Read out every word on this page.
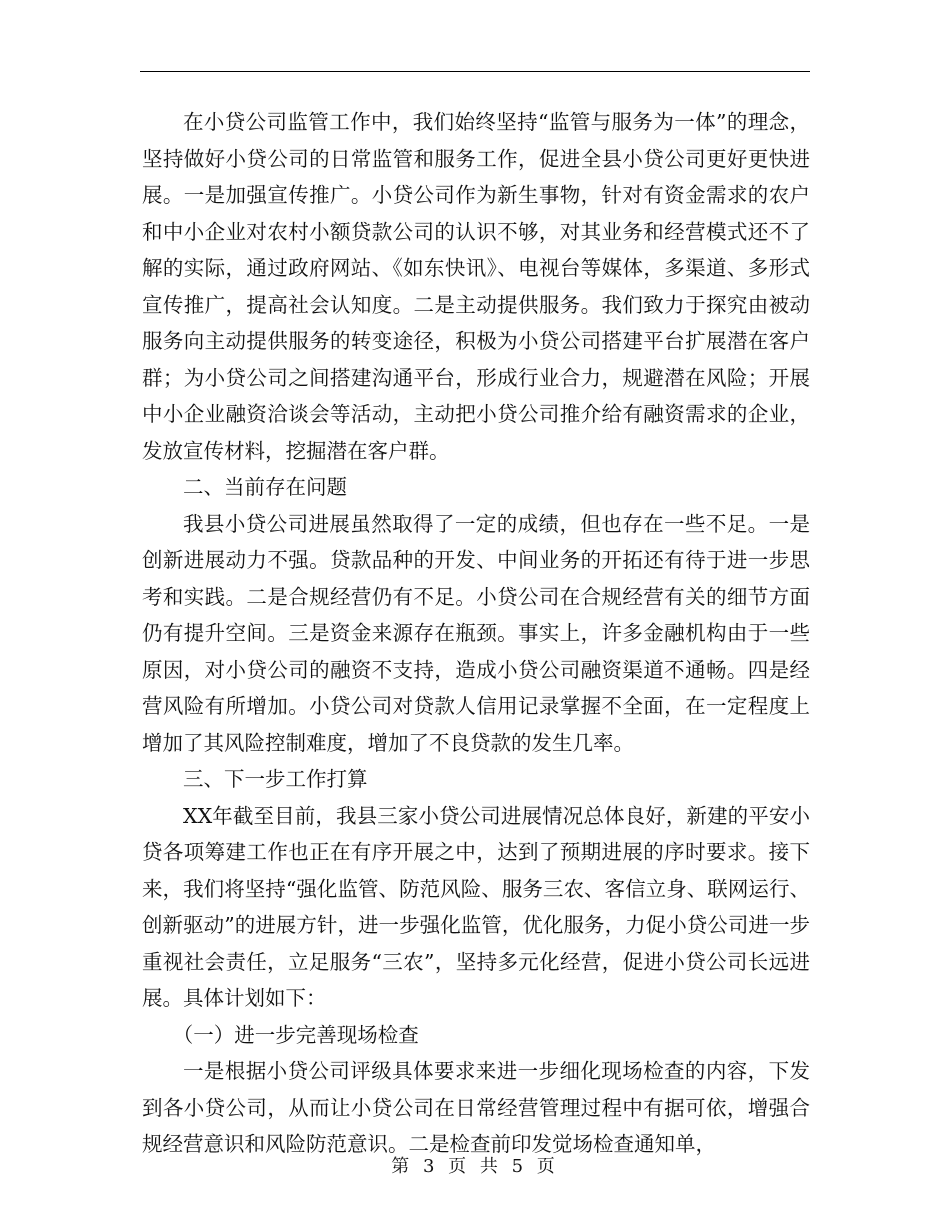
在小贷公司监管工作中，我们始终坚持“监管与服务为一体”的理念，坚持做好小贷公司的日常监管和服务工作，促进全县小贷公司更好更快进展。一是加强宣传推广。小贷公司作为新生事物，针对有资金需求的农户和中小企业对农村小额贷款公司的认识不够，对其业务和经营模式还不了解的实际，通过政府网站、《如东快讯》、电视台等媒体，多渠道、多形式宣传推广，提高社会认知度。二是主动提供服务。我们致力于探究由被动服务向主动提供服务的转变途径，积极为小贷公司搭建平台扩展潜在客户群；为小贷公司之间搭建沟通平台，形成行业合力，规避潜在风险；开展中小企业融资洽谈会等活动，主动把小贷公司推介给有融资需求的企业，发放宣传材料，挖掘潜在客户群。

二、当前存在问题

我县小贷公司进展虽然取得了一定的成绩，但也存在一些不足。一是创新进展动力不强。贷款品种的开发、中间业务的开拓还有待于进一步思考和实践。二是合规经营仍有不足。小贷公司在合规经营有关的细节方面仍有提升空间。三是资金来源存在瓶颈。事实上，许多金融机构由于一些原因，对小贷公司的融资不支持，造成小贷公司融资渠道不通畅。四是经营风险有所增加。小贷公司对贷款人信用记录掌握不全面，在一定程度上增加了其风险控制难度，增加了不良贷款的发生几率。

三、下一步工作打算

XX年截至目前，我县三家小贷公司进展情况总体良好，新建的平安小贷各项筹建工作也正在有序开展之中，达到了预期进展的序时要求。接下来，我们将坚持“强化监管、防范风险、服务三农、客信立身、联网运行、创新驱动”的进展方针，进一步强化监管，优化服务，力促小贷公司进一步重视社会责任，立足服务“三农”，坚持多元化经营，促进小贷公司长远进展。具体计划如下：

（一）进一步完善现场检查

一是根据小贷公司评级具体要求来进一步细化现场检查的内容，下发到各小贷公司，从而让小贷公司在日常经营管理过程中有据可依，增强合规经营意识和风险防范意识。二是检查前印发觉场检查通知单，

第 3 页 共 5 页
